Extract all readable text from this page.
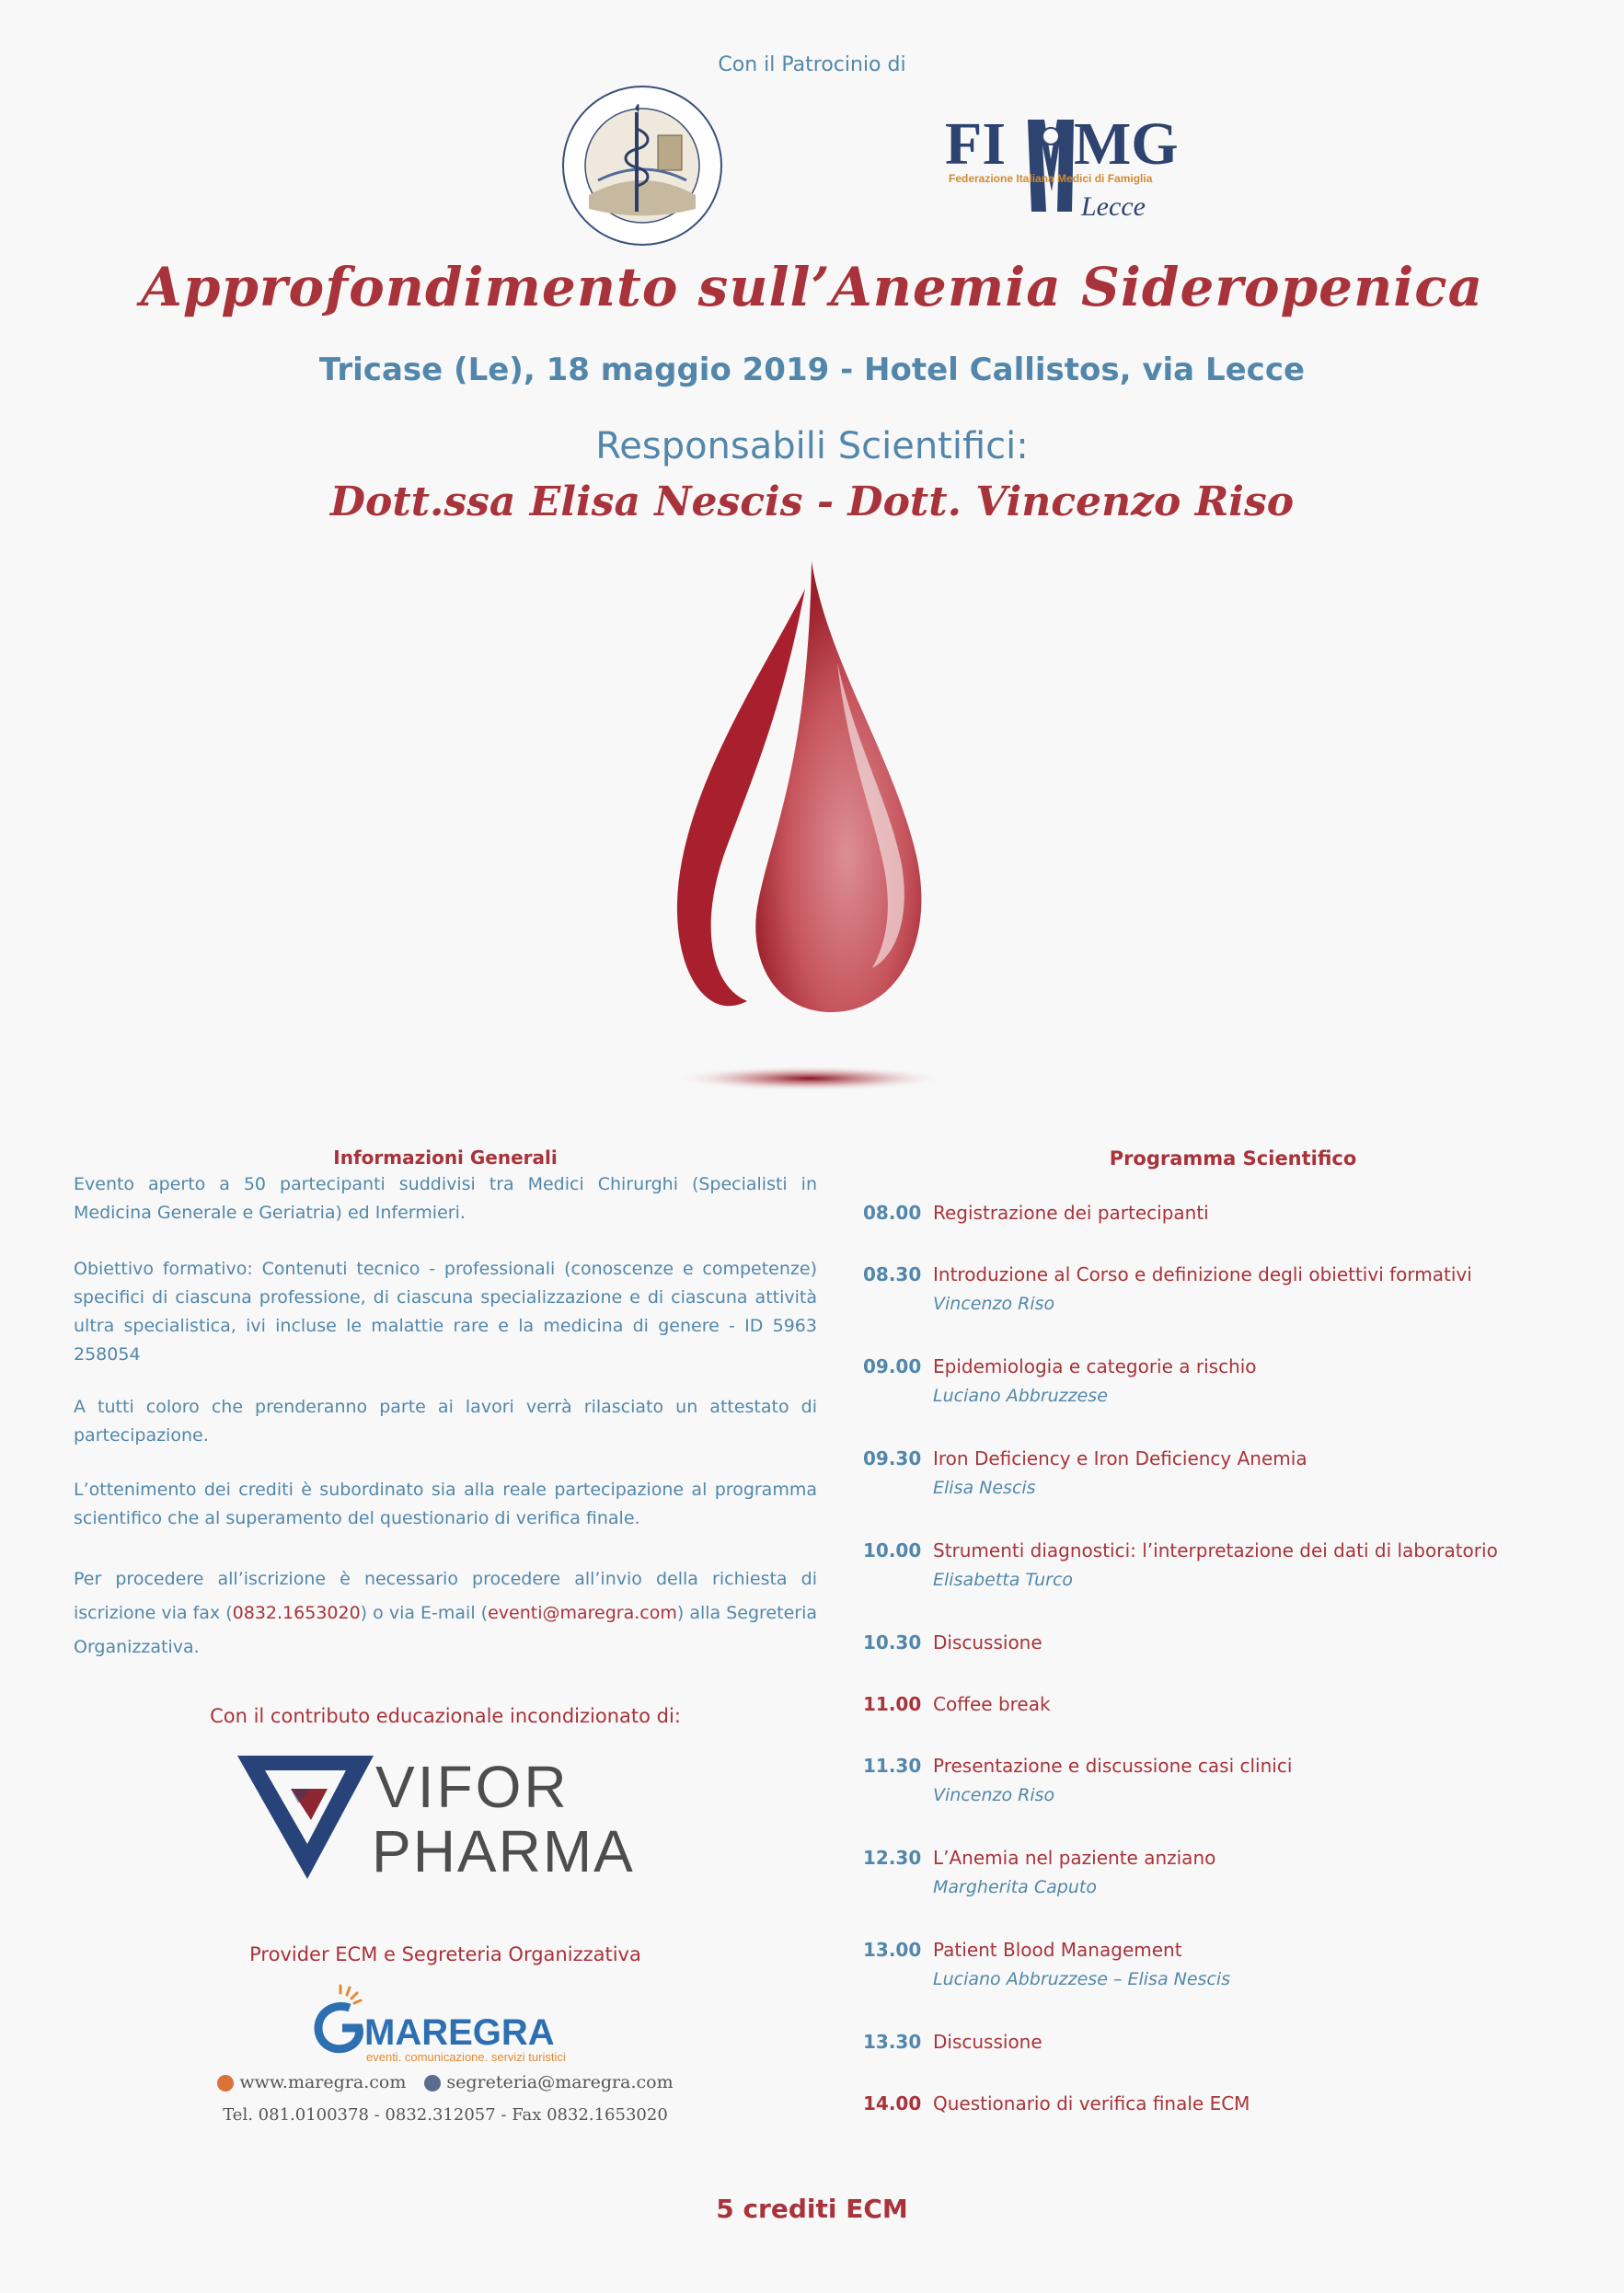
Con il Patrocinio di
FI MG
Federazione Italiana Medici di Famiglia
Lecce
Approfondimento sull’Anemia Sideropenica
Tricase (Le), 18 maggio 2019 - Hotel Callistos, via Lecce
Responsabili Scientifici:
Dott.ssa Elisa Nescis - Dott. Vincenzo Riso
Informazioni Generali

Evento aperto a 50 partecipanti suddivisi tra Medici Chirurghi (Specialisti in Medicina Generale e Geriatria) ed Infermieri.

Obiettivo formativo: Contenuti tecnico - professionali (conoscenze e competenze) specifici di ciascuna professione, di ciascuna specializzazione e di ciascuna attività ultra specialistica, ivi incluse le malattie rare e la medicina di genere - ID 5963 258054

A tutti coloro che prenderanno parte ai lavori verrà rilasciato un attestato di partecipazione.

L’ottenimento dei crediti è subordinato sia alla reale partecipazione al programma scientifico che al superamento del questionario di verifica finale.

Per procedere all’iscrizione è necessario procedere all’invio della richiesta di iscrizione via fax (0832.1653020) o via E-mail (eventi@maregra.com) alla Segreteria Organizzativa.

Con il contributo educazionale incondizionato di:
VIFOR
PHARMA
Provider ECM e Segreteria Organizzativa
MAREGRA
eventi. comunicazione. servizi turistici
www.maregra.com	segreteria@maregra.com
Tel. 081.0100378 - 0832.312057 - Fax 0832.1653020
Programma Scientifico
08.00 Registrazione dei partecipanti
08.30 Introduzione al Corso e definizione degli obiettivi formativi
Vincenzo Riso
09.00 Epidemiologia e categorie a rischio
Luciano Abbruzzese
09.30 Iron Deficiency e Iron Deficiency Anemia
Elisa Nescis
10.00 Strumenti diagnostici: l’interpretazione dei dati di laboratorio
Elisabetta Turco
10.30 Discussione
11.00 Coffee break
11.30 Presentazione e discussione casi clinici
Vincenzo Riso
12.30 L’Anemia nel paziente anziano
Margherita Caputo
13.00 Patient Blood Management
Luciano Abbruzzese – Elisa Nescis
13.30 Discussione
14.00 Questionario di verifica finale ECM
5 crediti ECM
